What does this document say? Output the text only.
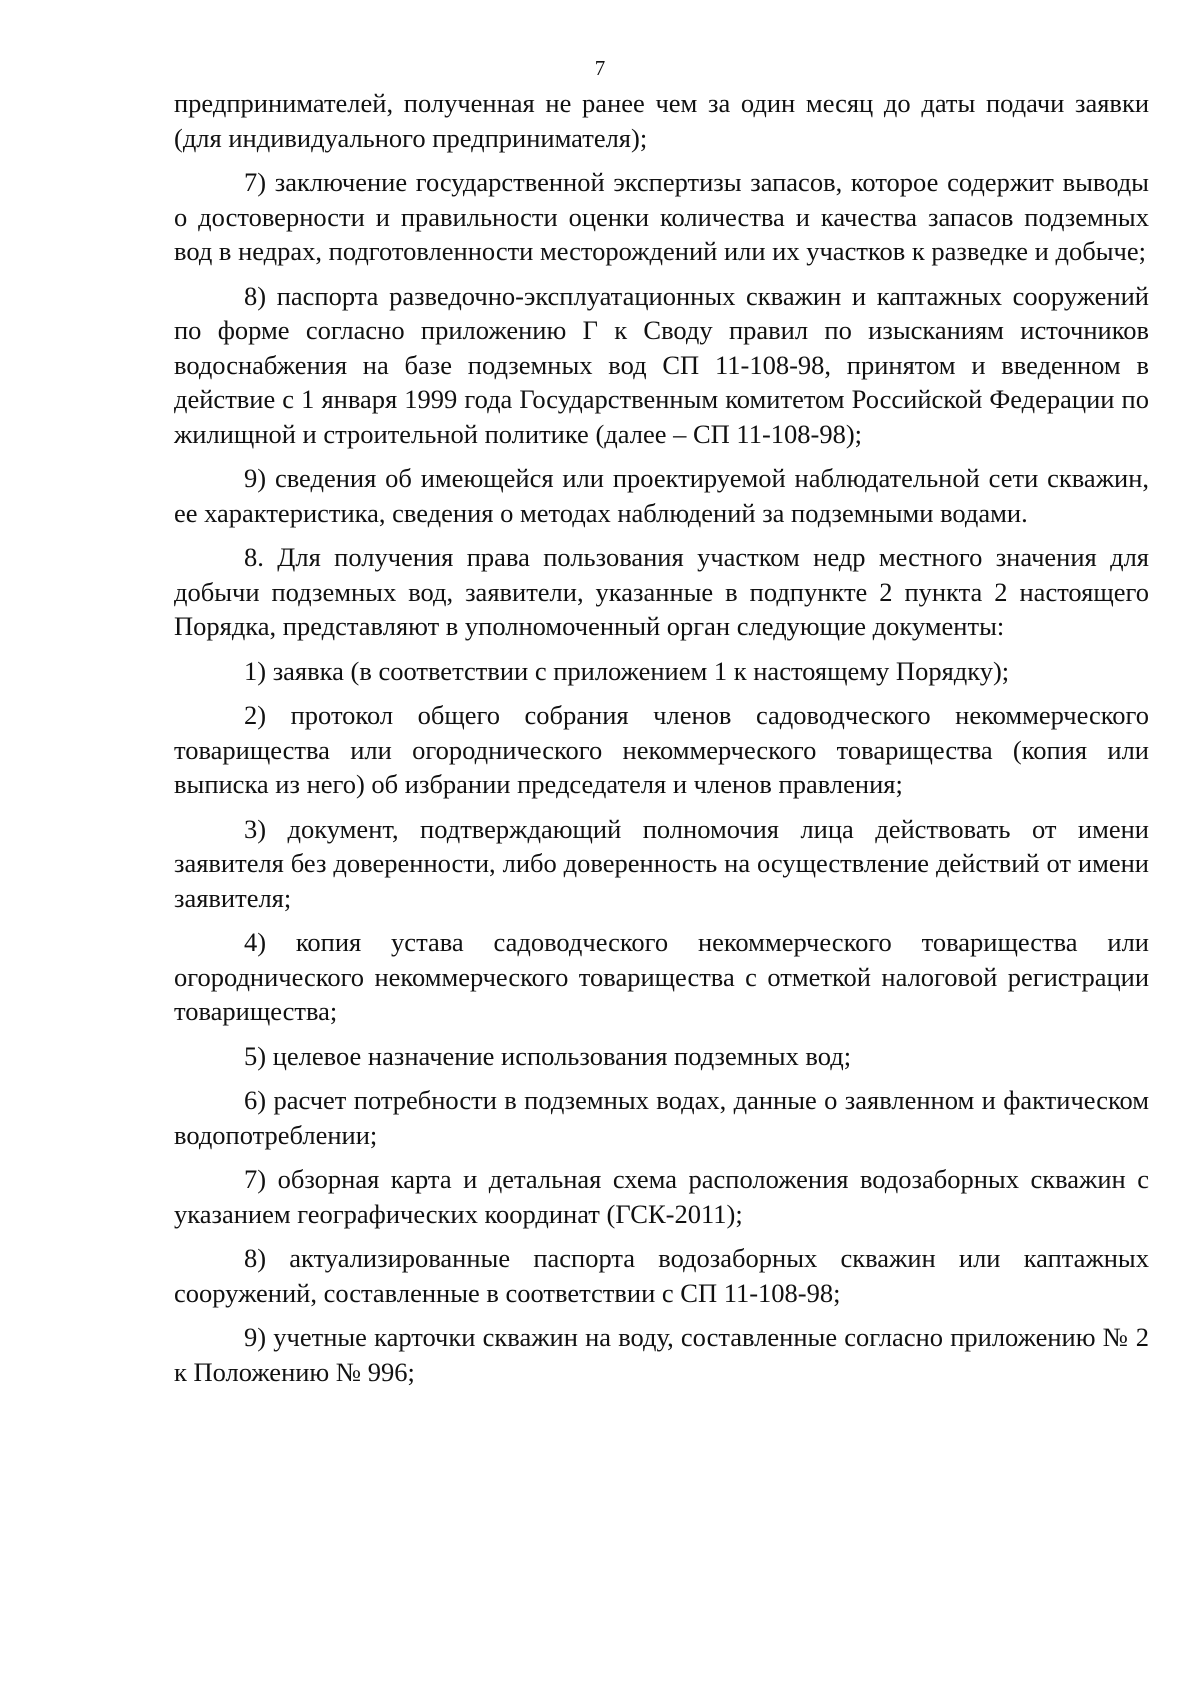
7

предпринимателей, полученная не ранее чем за один месяц до даты подачи заявки (для индивидуального предпринимателя);

7) заключение государственной экспертизы запасов, которое содержит выводы о достоверности и правильности оценки количества и качества запасов подземных вод в недрах, подготовленности месторождений или их участков к разведке и добыче;

8) паспорта разведочно-эксплуатационных скважин и каптажных сооружений по форме согласно приложению Г к Своду правил по изысканиям источников водоснабжения на базе подземных вод СП 11-108-98, принятом и введенном в действие с 1 января 1999 года Государственным комитетом Российской Федерации по жилищной и строительной политике (далее – СП 11-108-98);

9) сведения об имеющейся или проектируемой наблюдательной сети скважин, ее характеристика, сведения о методах наблюдений за подземными водами.

8. Для получения права пользования участком недр местного значения для добычи подземных вод, заявители, указанные в подпункте 2 пункта 2 настоящего Порядка, представляют в уполномоченный орган следующие документы:

1) заявка (в соответствии с приложением 1 к настоящему Порядку);

2) протокол общего собрания членов садоводческого некоммерческого товарищества или огороднического некоммерческого товарищества (копия или выписка из него) об избрании председателя и членов правления;

3) документ, подтверждающий полномочия лица действовать от имени заявителя без доверенности, либо доверенность на осуществление действий от имени заявителя;

4) копия устава садоводческого некоммерческого товарищества или огороднического некоммерческого товарищества с отметкой налоговой регистрации товарищества;

5) целевое назначение использования подземных вод;

6) расчет потребности в подземных водах, данные о заявленном и фактическом водопотреблении;

7) обзорная карта и детальная схема расположения водозаборных скважин с указанием географических координат (ГСК-2011);

8) актуализированные паспорта водозаборных скважин или каптажных сооружений, составленные в соответствии с СП 11-108-98;

9) учетные карточки скважин на воду, составленные согласно приложению № 2 к Положению № 996;
